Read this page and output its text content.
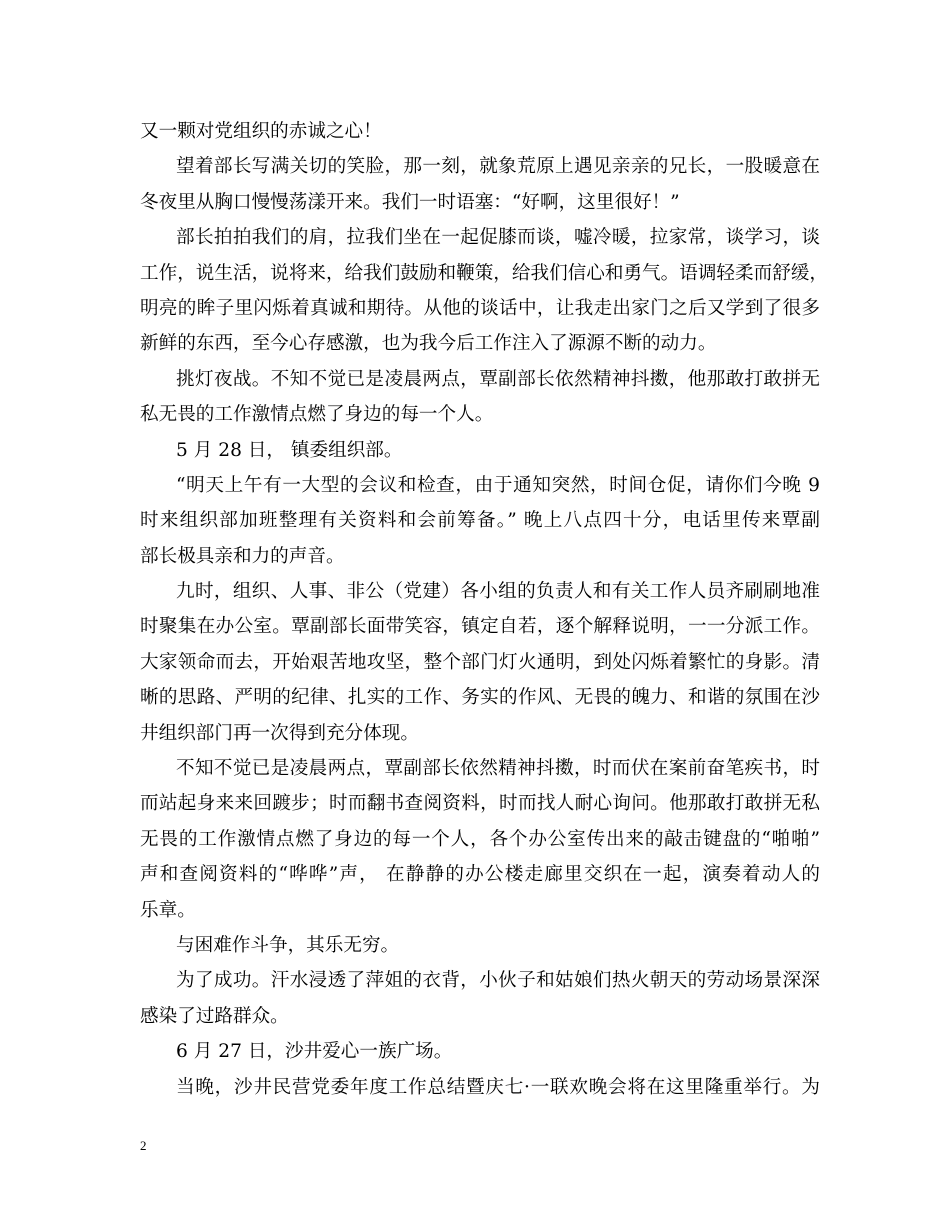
又一颗对党组织的赤诚之心！
望着部长写满关切的笑脸，那一刻，就象荒原上遇见亲亲的兄长，一股暖意在
冬夜里从胸口慢慢荡漾开来。我们一时语塞：“好啊，这里很好！”
部长拍拍我们的肩，拉我们坐在一起促膝而谈，嘘冷暖，拉家常，谈学习，谈
工作，说生活，说将来，给我们鼓励和鞭策，给我们信心和勇气。语调轻柔而舒缓，
明亮的眸子里闪烁着真诚和期待。从他的谈话中，让我走出家门之后又学到了很多
新鲜的东西，至今心存感激，也为我今后工作注入了源源不断的动力。
挑灯夜战。不知不觉已是凌晨两点，覃副部长依然精神抖擞，他那敢打敢拼无
私无畏的工作激情点燃了身边的每一个人。
5 月 28 日， 镇委组织部。
“明天上午有一大型的会议和检查，由于通知突然，时间仓促，请你们今晚 9
时来组织部加班整理有关资料和会前筹备。” 晚上八点四十分，电话里传来覃副
部长极具亲和力的声音。
九时，组织、人事、非公（党建）各小组的负责人和有关工作人员齐刷刷地准
时聚集在办公室。覃副部长面带笑容，镇定自若，逐个解释说明，一一分派工作。
大家领命而去，开始艰苦地攻坚，整个部门灯火通明，到处闪烁着繁忙的身影。清
晰的思路、严明的纪律、扎实的工作、务实的作风、无畏的魄力、和谐的氛围在沙
井组织部门再一次得到充分体现。
不知不觉已是凌晨两点，覃副部长依然精神抖擞，时而伏在案前奋笔疾书，时
而站起身来来回踱步；时而翻书查阅资料，时而找人耐心询问。他那敢打敢拼无私
无畏的工作激情点燃了身边的每一个人，各个办公室传出来的敲击键盘的“啪啪”
声和查阅资料的“哗哗”声， 在静静的办公楼走廊里交织在一起，演奏着动人的
乐章。
与困难作斗争，其乐无穷。
为了成功。汗水浸透了萍姐的衣背，小伙子和姑娘们热火朝天的劳动场景深深
感染了过路群众。
6 月 27 日，沙井爱心一族广场。
当晚，沙井民营党委年度工作总结暨庆七·一联欢晚会将在这里隆重举行。为
2
